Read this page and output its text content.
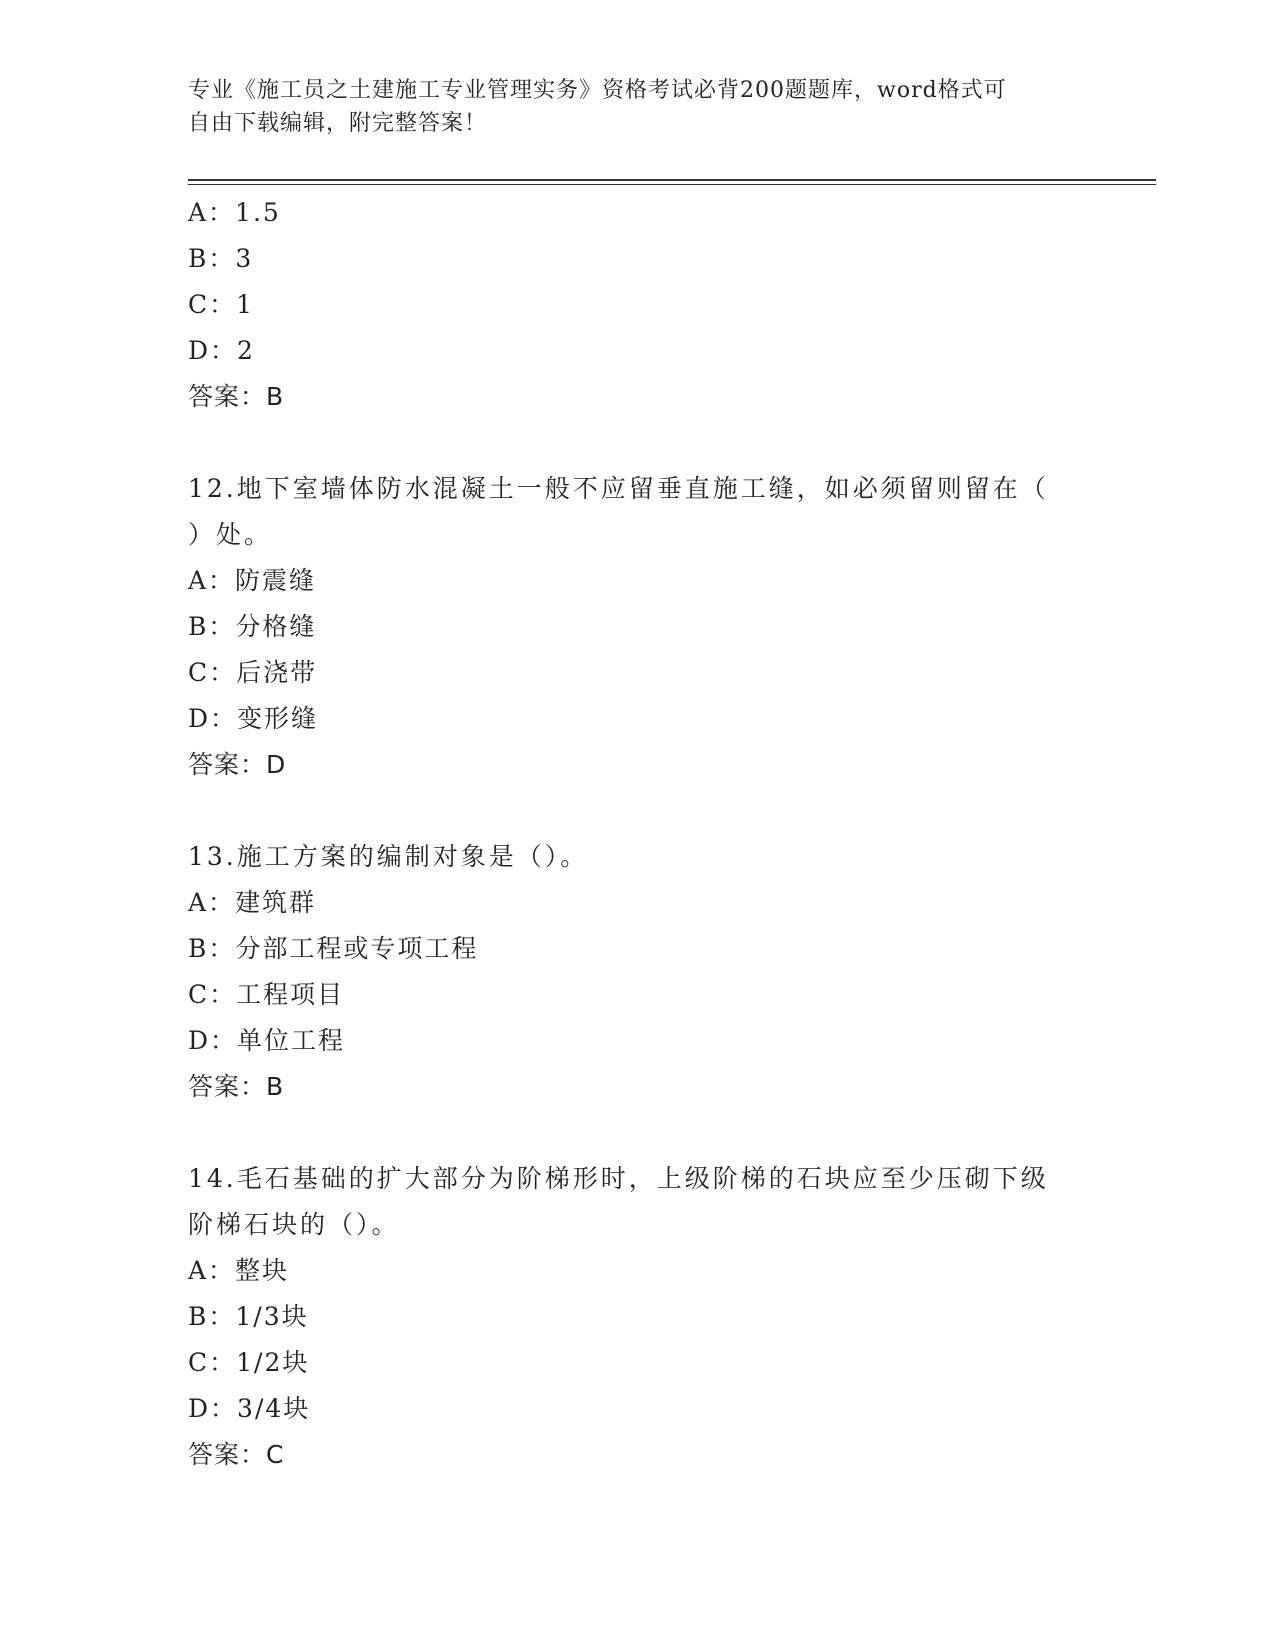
专业《施工员之土建施工专业管理实务》资格考试必背200题题库，word格式可
自由下载编辑，附完整答案！
A：1.5
B：3
C：1
D：2
答案：B
12.地下室墙体防水混凝土一般不应留垂直施工缝，如必须留则留在（
）处。
A：防震缝
B：分格缝
C：后浇带
D：变形缝
答案：D
13.施工方案的编制对象是（）。
A：建筑群
B：分部工程或专项工程
C：工程项目
D：单位工程
答案：B
14.毛石基础的扩大部分为阶梯形时，上级阶梯的石块应至少压砌下级
阶梯石块的（）。
A：整块
B：1/3块
C：1/2块
D：3/4块
答案：C
